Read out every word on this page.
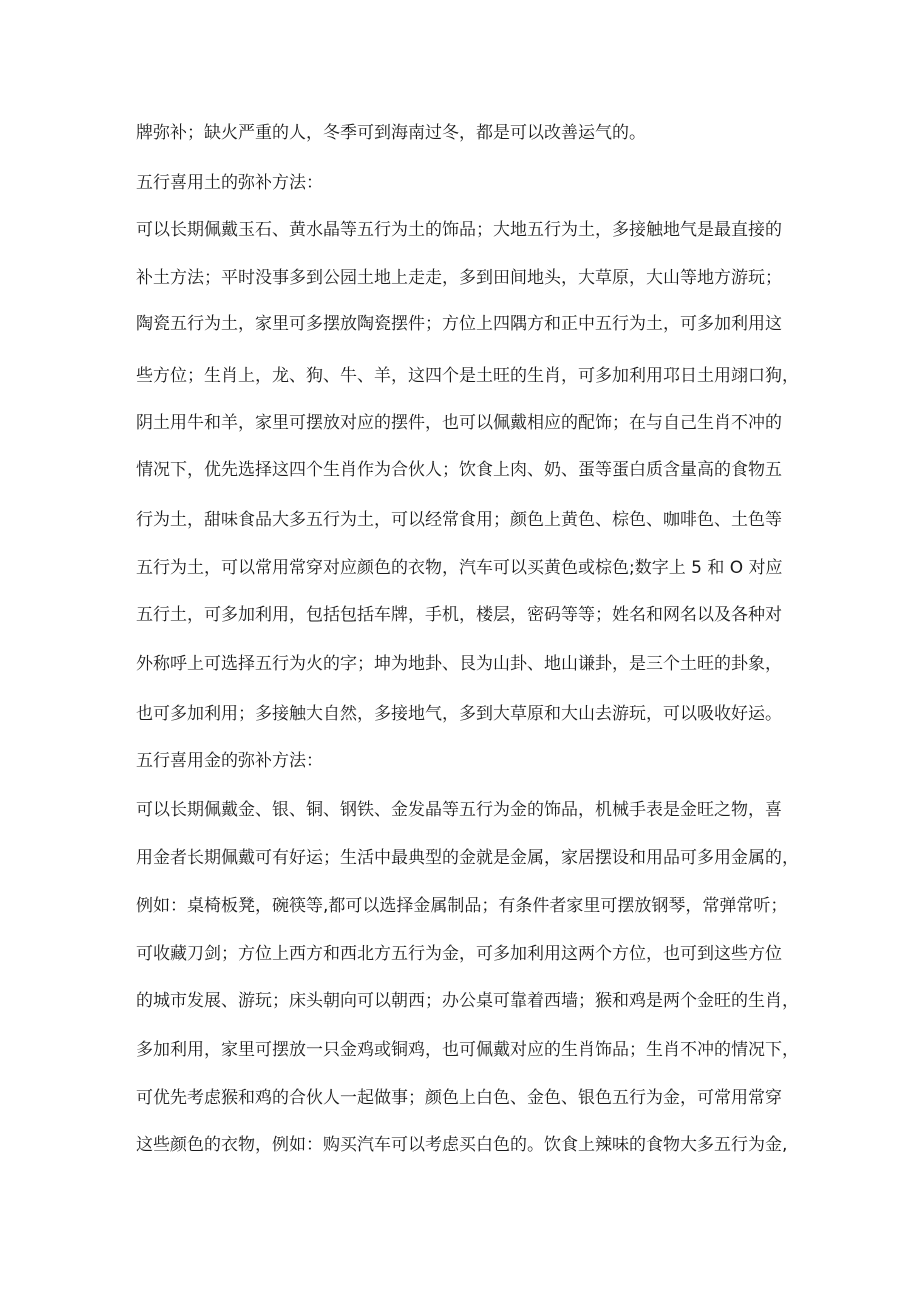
牌弥补；缺火严重的人，冬季可到海南过冬，都是可以改善运气的。
五行喜用土的弥补方法：
可以长期佩戴玉石、黄水晶等五行为土的饰品；大地五行为土，多接触地气是最直接的
补土方法；平时没事多到公园土地上走走，多到田间地头，大草原，大山等地方游玩；
陶瓷五行为土，家里可多摆放陶瓷摆件；方位上四隅方和正中五行为土，可多加利用这
些方位；生肖上，龙、狗、牛、羊，这四个是土旺的生肖，可多加利用邛日土用翊口狗，
阴土用牛和羊，家里可摆放对应的摆件，也可以佩戴相应的配饰；在与自己生肖不冲的
情况下，优先选择这四个生肖作为合伙人；饮食上肉、奶、蛋等蛋白质含量高的食物五
行为土，甜味食品大多五行为土，可以经常食用；颜色上黄色、棕色、咖啡色、土色等
五行为土，可以常用常穿对应颜色的衣物，汽车可以买黄色或棕色;数字上 5 和 O 对应
五行土，可多加利用，包括包括车牌，手机，楼层，密码等等；姓名和网名以及各种对
外称呼上可选择五行为火的字；坤为地卦、艮为山卦、地山谦卦，是三个土旺的卦象，
也可多加利用；多接触大自然，多接地气，多到大草原和大山去游玩，可以吸收好运。
五行喜用金的弥补方法：
可以长期佩戴金、银、铜、钢铁、金发晶等五行为金的饰品，机械手表是金旺之物，喜
用金者长期佩戴可有好运；生活中最典型的金就是金属，家居摆设和用品可多用金属的，
例如：桌椅板凳，碗筷等,都可以选择金属制品；有条件者家里可摆放钢琴，常弹常听；
可收藏刀剑；方位上西方和西北方五行为金，可多加利用这两个方位，也可到这些方位
的城市发展、游玩；床头朝向可以朝西；办公桌可靠着西墙；猴和鸡是两个金旺的生肖，
多加利用，家里可摆放一只金鸡或铜鸡，也可佩戴对应的生肖饰品；生肖不冲的情况下，
可优先考虑猴和鸡的合伙人一起做事；颜色上白色、金色、银色五行为金，可常用常穿
这些颜色的衣物，例如：购买汽车可以考虑买白色的。饮食上辣味的食物大多五行为金,
